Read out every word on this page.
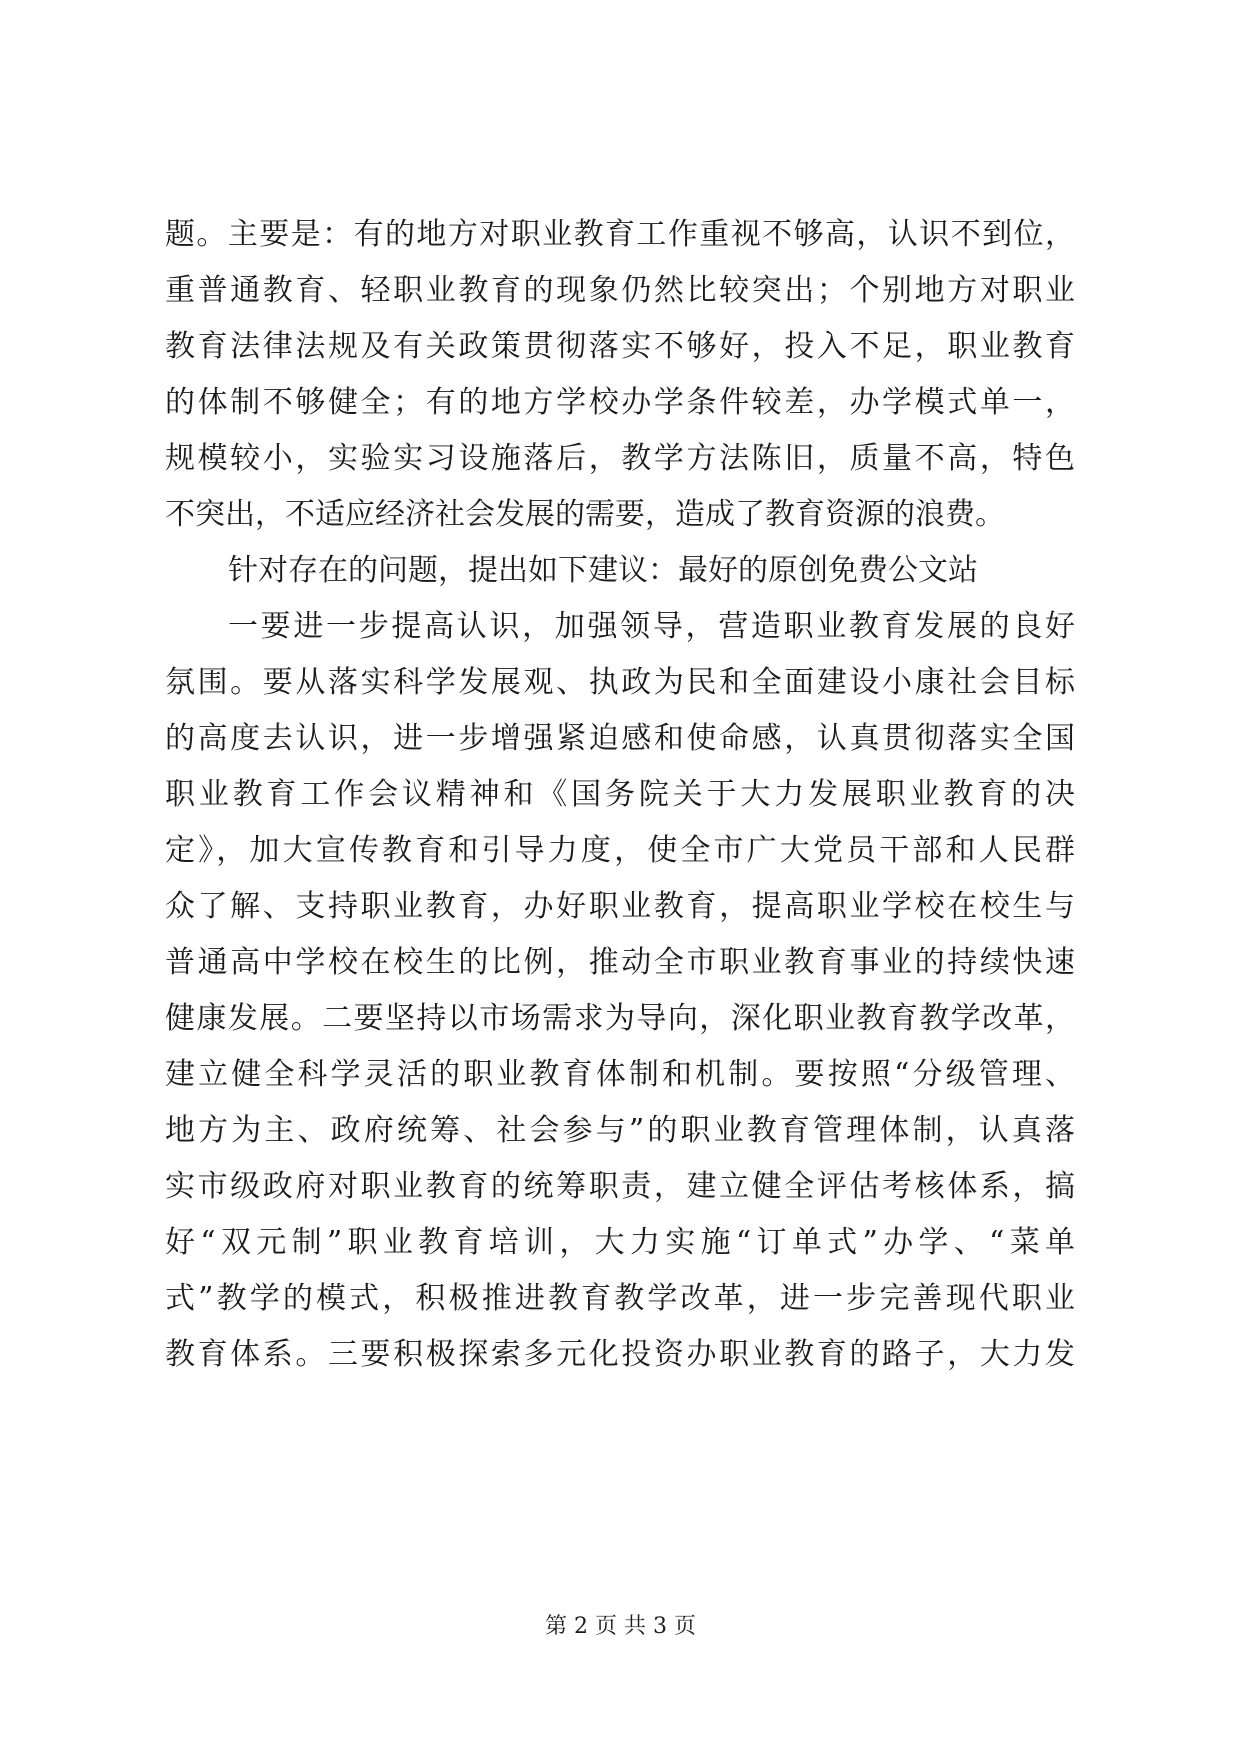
题。主要是：有的地方对职业教育工作重视不够高，认识不到位，
重普通教育、轻职业教育的现象仍然比较突出；个别地方对职业
教育法律法规及有关政策贯彻落实不够好，投入不足，职业教育
的体制不够健全；有的地方学校办学条件较差，办学模式单一，
规模较小，实验实习设施落后，教学方法陈旧，质量不高，特色
不突出，不适应经济社会发展的需要，造成了教育资源的浪费。
针对存在的问题，提出如下建议：最好的原创免费公文站
一要进一步提高认识，加强领导，营造职业教育发展的良好
氛围。要从落实科学发展观、执政为民和全面建设小康社会目标
的高度去认识，进一步增强紧迫感和使命感，认真贯彻落实全国
职业教育工作会议精神和《国务院关于大力发展职业教育的决
定》，加大宣传教育和引导力度，使全市广大党员干部和人民群
众了解、支持职业教育，办好职业教育，提高职业学校在校生与
普通高中学校在校生的比例，推动全市职业教育事业的持续快速
健康发展。二要坚持以市场需求为导向，深化职业教育教学改革，
建立健全科学灵活的职业教育体制和机制。要按照“分级管理、
地方为主、政府统筹、社会参与”的职业教育管理体制，认真落
实市级政府对职业教育的统筹职责，建立健全评估考核体系，搞
好“双元制”职业教育培训，大力实施“订单式”办学、“菜单
式”教学的模式，积极推进教育教学改革，进一步完善现代职业
教育体系。三要积极探索多元化投资办职业教育的路子，大力发
第 2 页 共 3 页
